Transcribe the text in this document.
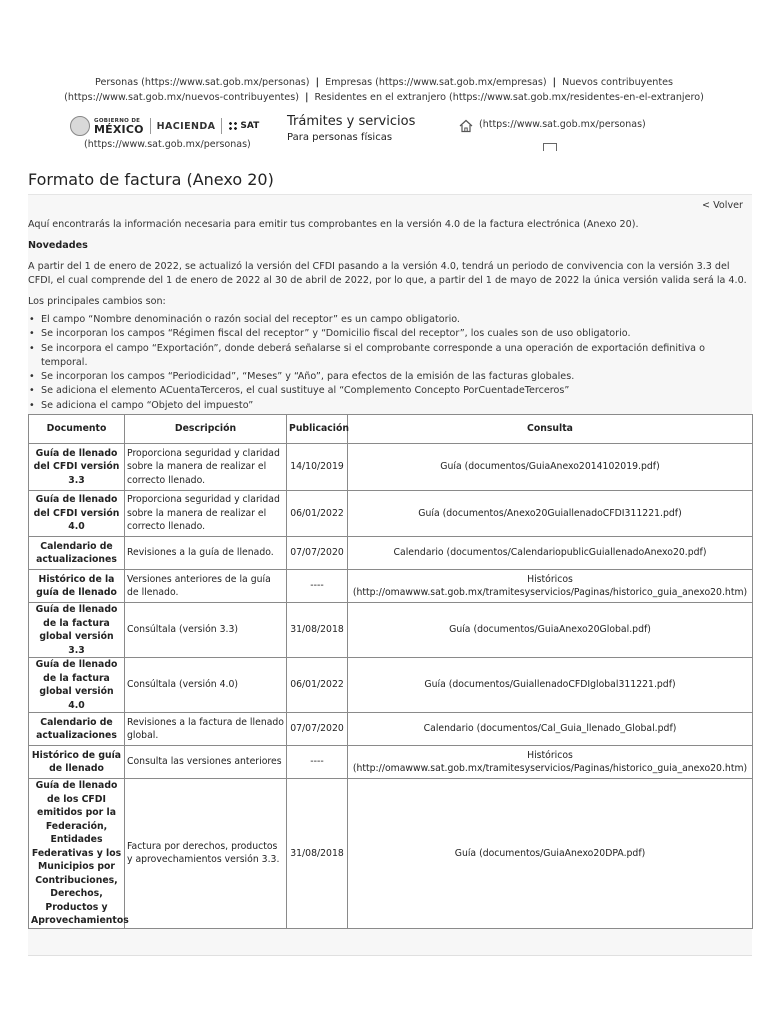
Personas (https://www.sat.gob.mx/personas) | Empresas (https://www.sat.gob.mx/empresas) | Nuevos contribuyentes
(https://www.sat.gob.mx/nuevos-contribuyentes) | Residentes en el extranjero (https://www.sat.gob.mx/residentes-en-el-extranjero)
GOBIERNO DE
MÉXICO HACIENDA	SAT
(https://www.sat.gob.mx/personas)
Trámites y servicios
Para personas físicas
(https://www.sat.gob.mx/personas)
Formato de factura (Anexo 20)
< Volver
Aquí encontrarás la información necesaria para emitir tus comprobantes en la versión 4.0 de la factura electrónica (Anexo 20).
Novedades
A partir del 1 de enero de 2022, se actualizó la versión del CFDI pasando a la versión 4.0, tendrá un periodo de convivencia con la versión 3.3 del CFDI, el cual comprende del 1 de enero de 2022 al 30 de abril de 2022, por lo que, a partir del 1 de mayo de 2022 la única versión valida será la 4.0.
Los principales cambios son:
• El campo “Nombre denominación o razón social del receptor” es un campo obligatorio.
• Se incorporan los campos “Régimen fiscal del receptor” y “Domicilio fiscal del receptor”, los cuales son de uso obligatorio.
• Se incorpora el campo “Exportación”, donde deberá señalarse si el comprobante corresponde a una operación de exportación definitiva o temporal.
• Se incorporan los campos “Periodicidad”, “Meses” y “Año”, para efectos de la emisión de las facturas globales.
• Se adiciona el elemento ACuentaTerceros, el cual sustituye al “Complemento Concepto PorCuentadeTerceros”
• Se adiciona el campo “Objeto del impuesto”
Documento	Descripción	Publicación	Consulta
Guía de llenado del CFDI versión 3.3	Proporciona seguridad y claridad sobre la manera de realizar el correcto llenado.	14/10/2019	Guía (documentos/GuiaAnexo2014102019.pdf)
Guía de llenado del CFDI versión 4.0	Proporciona seguridad y claridad sobre la manera de realizar el correcto llenado.	06/01/2022	Guía (documentos/Anexo20GuiallenadoCFDI311221.pdf)
Calendario de actualizaciones	Revisiones a la guía de llenado.	07/07/2020	Calendario (documentos/CalendariopublicGuiallenadoAnexo20.pdf)
Histórico de la guía de llenado	Versiones anteriores de la guía de llenado.	----	Históricos (http://omawww.sat.gob.mx/tramitesyservicios/Paginas/historico_guia_anexo20.htm)
Guía de llenado de la factura global versión 3.3	Consúltala (versión 3.3)	31/08/2018	Guía (documentos/GuiaAnexo20Global.pdf)
Guía de llenado de la factura global versión 4.0	Consúltala (versión 4.0)	06/01/2022	Guía (documentos/GuiallenadoCFDIglobal311221.pdf)
Calendario de actualizaciones	Revisiones a la factura de llenado global.	07/07/2020	Calendario (documentos/Cal_Guia_llenado_Global.pdf)
Histórico de guía de llenado	Consulta las versiones anteriores	----	Históricos (http://omawww.sat.gob.mx/tramitesyservicios/Paginas/historico_guia_anexo20.htm)
Guía de llenado de los CFDI emitidos por la Federación, Entidades Federativas y los Municipios por Contribuciones, Derechos, Productos y Aprovechamientos	Factura por derechos, productos y aprovechamientos versión 3.3.	31/08/2018	Guía (documentos/GuiaAnexo20DPA.pdf)
